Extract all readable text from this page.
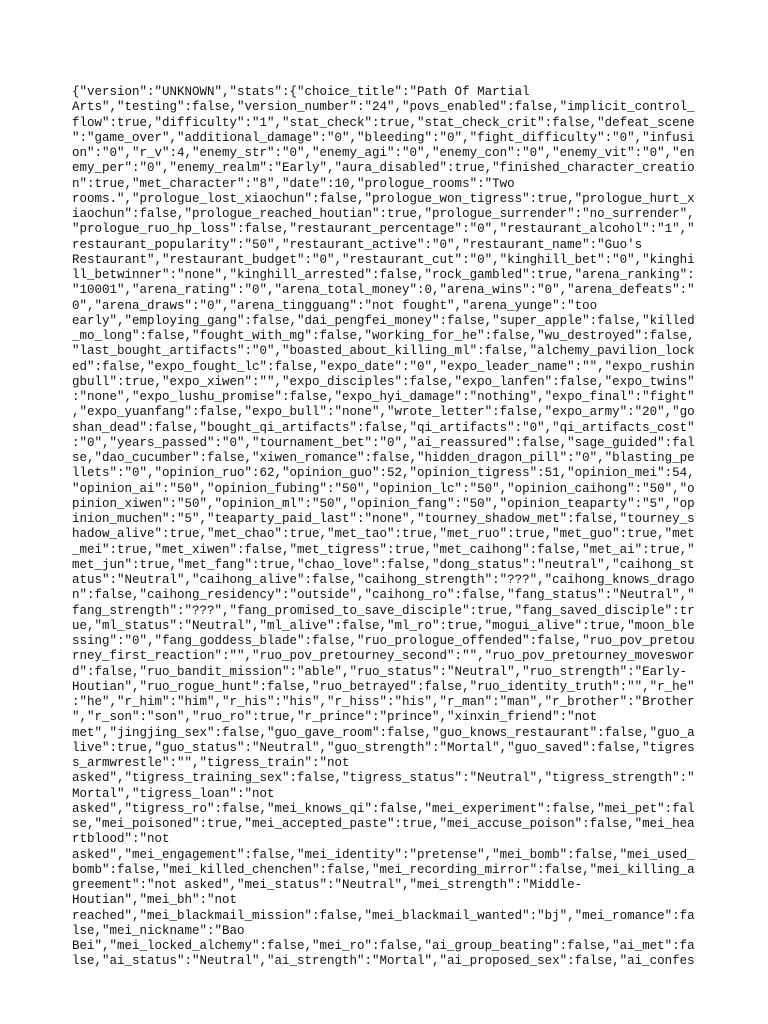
{"version":"UNKNOWN","stats":{"choice_title":"Path Of Martial
Arts","testing":false,"version_number":"24","povs_enabled":false,"implicit_control_
flow":true,"difficulty":"1","stat_check":true,"stat_check_crit":false,"defeat_scene
":"game_over","additional_damage":"0","bleeding":"0","fight_difficulty":"0","infusi
on":"0","r_v":4,"enemy_str":"0","enemy_agi":"0","enemy_con":"0","enemy_vit":"0","en
emy_per":"0","enemy_realm":"Early","aura_disabled":true,"finished_character_creatio
n":true,"met_character":"8","date":10,"prologue_rooms":"Two
rooms.","prologue_lost_xiaochun":false,"prologue_won_tigress":true,"prologue_hurt_x
iaochun":false,"prologue_reached_houtian":true,"prologue_surrender":"no_surrender",
"prologue_ruo_hp_loss":false,"restaurant_percentage":"0","restaurant_alcohol":"1","
restaurant_popularity":"50","restaurant_active":"0","restaurant_name":"Guo's
Restaurant","restaurant_budget":"0","restaurant_cut":"0","kinghill_bet":"0","kinghi
ll_betwinner":"none","kinghill_arrested":false,"rock_gambled":true,"arena_ranking":
"10001","arena_rating":"0","arena_total_money":0,"arena_wins":"0","arena_defeats":"
0","arena_draws":"0","arena_tingguang":"not fought","arena_yunge":"too
early","employing_gang":false,"dai_pengfei_money":false,"super_apple":false,"killed
_mo_long":false,"fought_with_mg":false,"working_for_he":false,"wu_destroyed":false,
"last_bought_artifacts":"0","boasted_about_killing_ml":false,"alchemy_pavilion_lock
ed":false,"expo_fought_lc":false,"expo_date":"0","expo_leader_name":"","expo_rushin
gbull":true,"expo_xiwen":"","expo_disciples":false,"expo_lanfen":false,"expo_twins"
:"none","expo_lushu_promise":false,"expo_hyi_damage":"nothing","expo_final":"fight"
,"expo_yuanfang":false,"expo_bull":"none","wrote_letter":false,"expo_army":"20","go
shan_dead":false,"bought_qi_artifacts":false,"qi_artifacts":"0","qi_artifacts_cost"
:"0","years_passed":"0","tournament_bet":"0","ai_reassured":false,"sage_guided":fal
se,"dao_cucumber":false,"xiwen_romance":false,"hidden_dragon_pill":"0","blasting_pe
llets":"0","opinion_ruo":62,"opinion_guo":52,"opinion_tigress":51,"opinion_mei":54,
"opinion_ai":"50","opinion_fubing":"50","opinion_lc":"50","opinion_caihong":"50","o
pinion_xiwen":"50","opinion_ml":"50","opinion_fang":"50","opinion_teaparty":"5","op
inion_muchen":"5","teaparty_paid_last":"none","tourney_shadow_met":false,"tourney_s
hadow_alive":true,"met_chao":true,"met_tao":true,"met_ruo":true,"met_guo":true,"met
_mei":true,"met_xiwen":false,"met_tigress":true,"met_caihong":false,"met_ai":true,"
met_jun":true,"met_fang":true,"chao_love":false,"dong_status":"neutral","caihong_st
atus":"Neutral","caihong_alive":false,"caihong_strength":"???","caihong_knows_drago
n":false,"caihong_residency":"outside","caihong_ro":false,"fang_status":"Neutral","
fang_strength":"???","fang_promised_to_save_disciple":true,"fang_saved_disciple":tr
ue,"ml_status":"Neutral","ml_alive":false,"ml_ro":true,"mogui_alive":true,"moon_ble
ssing":"0","fang_goddess_blade":false,"ruo_prologue_offended":false,"ruo_pov_pretou
rney_first_reaction":"","ruo_pov_pretourney_second":"","ruo_pov_pretourney_moveswor
d":false,"ruo_bandit_mission":"able","ruo_status":"Neutral","ruo_strength":"Early-
Houtian","ruo_rogue_hunt":false,"ruo_betrayed":false,"ruo_identity_truth":"","r_he"
:"he","r_him":"him","r_his":"his","r_hiss":"his","r_man":"man","r_brother":"Brother
","r_son":"son","ruo_ro":true,"r_prince":"prince","xinxin_friend":"not
met","jingjing_sex":false,"guo_gave_room":false,"guo_knows_restaurant":false,"guo_a
live":true,"guo_status":"Neutral","guo_strength":"Mortal","guo_saved":false,"tigres
s_armwrestle":"","tigress_train":"not
asked","tigress_training_sex":false,"tigress_status":"Neutral","tigress_strength":"
Mortal","tigress_loan":"not
asked","tigress_ro":false,"mei_knows_qi":false,"mei_experiment":false,"mei_pet":fal
se,"mei_poisoned":true,"mei_accepted_paste":true,"mei_accuse_poison":false,"mei_hea
rtblood":"not
asked","mei_engagement":false,"mei_identity":"pretense","mei_bomb":false,"mei_used_
bomb":false,"mei_killed_chenchen":false,"mei_recording_mirror":false,"mei_killing_a
greement":"not asked","mei_status":"Neutral","mei_strength":"Middle-
Houtian","mei_bh":"not
reached","mei_blackmail_mission":false,"mei_blackmail_wanted":"bj","mei_romance":fa
lse,"mei_nickname":"Bao
Bei","mei_locked_alchemy":false,"mei_ro":false,"ai_group_beating":false,"ai_met":fa
lse,"ai_status":"Neutral","ai_strength":"Mortal","ai_proposed_sex":false,"ai_confes
